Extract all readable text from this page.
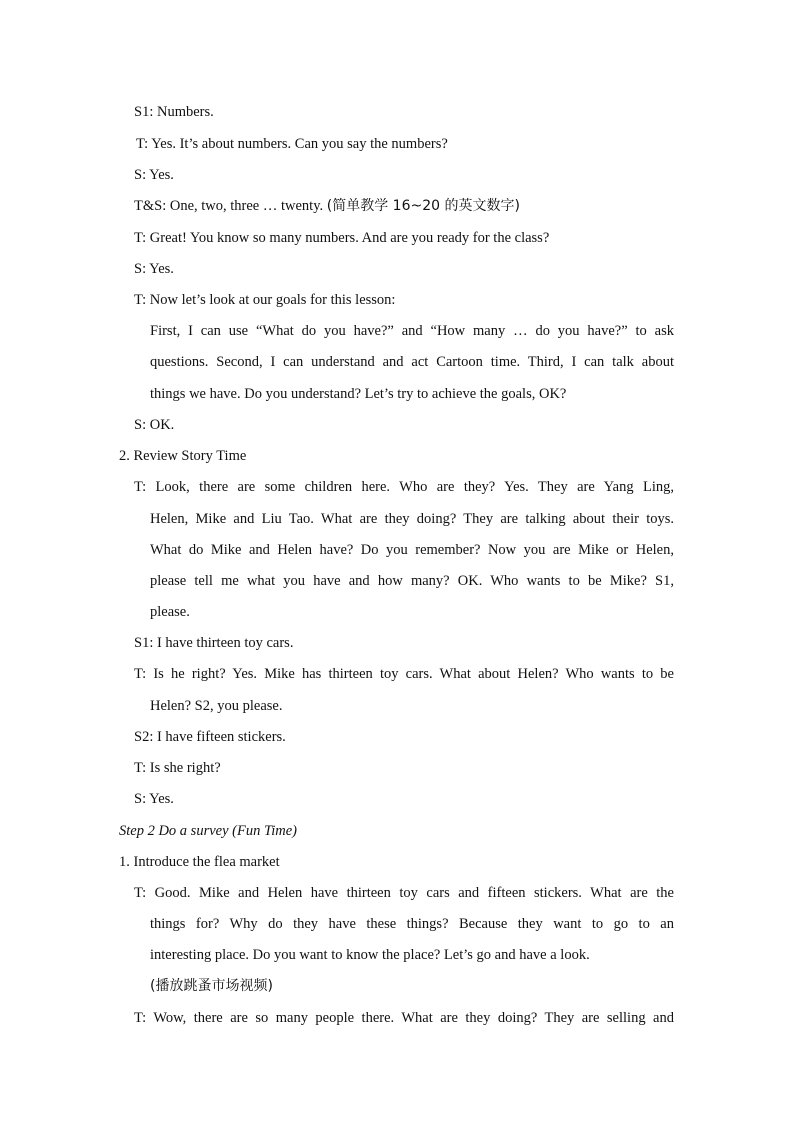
S1: Numbers.

T: Yes. It’s about numbers. Can you say the numbers?

S: Yes.

T&S: One, two, three … twenty. (简单教学 16~20 的英文数字)

T: Great! You know so many numbers. And are you ready for the class?

S: Yes.

T: Now let’s look at our goals for this lesson:

First, I can use “What do you have?” and “How many … do you have?” to ask

questions. Second, I can understand and act Cartoon time. Third, I can talk about

things we have. Do you understand? Let’s try to achieve the goals, OK?

S: OK.

2. Review Story Time

T: Look, there are some children here. Who are they? Yes. They are Yang Ling,

Helen, Mike and Liu Tao. What are they doing? They are talking about their toys.

What do Mike and Helen have? Do you remember? Now you are Mike or Helen,

please tell me what you have and how many? OK. Who wants to be Mike? S1,

please.

S1: I have thirteen toy cars.

T: Is he right? Yes. Mike has thirteen toy cars. What about Helen? Who wants to be

Helen? S2, you please.

S2: I have fifteen stickers.

T: Is she right?

S: Yes.

Step 2 Do a survey (Fun Time)

1. Introduce the flea market

T: Good. Mike and Helen have thirteen toy cars and fifteen stickers. What are the

things for? Why do they have these things? Because they want to go to an

interesting place. Do you want to know the place? Let’s go and have a look.

(播放跳蚤市场视频)

T: Wow, there are so many people there. What are they doing? They are selling and
